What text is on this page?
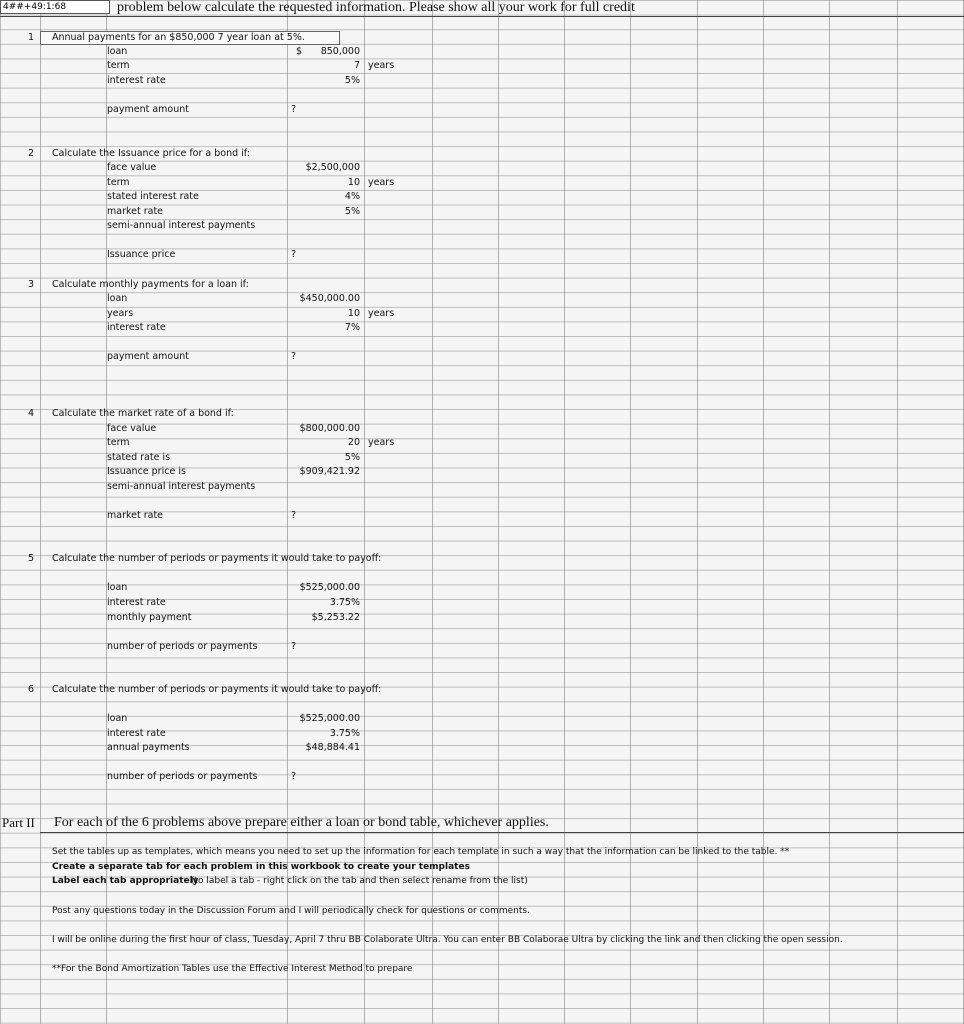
4##+49:1:68	problem below calculate the requested information. Please show all your work for full credit
1 Annual payments for an $850,000 7 year loan at 5%.
loan	$	850,000
term	7 years
interest rate	5%
payment amount	?
2 Calculate the Issuance price for a bond if:
face value	$2,500,000
term	10 years
stated interest rate	4%
market rate	5%
semi-annual interest payments
Issuance price	?
3 Calculate monthly payments for a loan if:
loan	$450,000.00
years	10 years
interest rate	7%
payment amount	?
4 Calculate the market rate of a bond if:
face value	$800,000.00
term	20 years
stated rate is	5%
Issuance price is	$909,421.92
semi-annual interest payments
market rate	?
5 Calculate the number of periods or payments it would take to payoff:
loan	$525,000.00
interest rate	3.75%
monthly payment	$5,253.22
number of periods or payments	?
6 Calculate the number of periods or payments it would take to payoff:
loan	$525,000.00
interest rate	3.75%
annual payments	$48,884.41
number of periods or payments	?
Part II For each of the 6 problems above prepare either a loan or bond table, whichever applies.
Set the tables up as templates, which means you need to set up the information for each template in such a way that the information can be linked to the table. **
Create a separate tab for each problem in this workbook to create your templates
Label each tab appropriately
(to label a tab - right click on the tab and then select rename from the list)
Post any questions today in the Discussion Forum and I will periodically check for questions or comments.
I will be online during the first hour of class, Tuesday, April 7 thru BB Colaborate Ultra. You can enter BB Colaborae Ultra by clicking the link and then clicking the open session.
**For the Bond Amortization Tables use the Effective Interest Method to prepare
